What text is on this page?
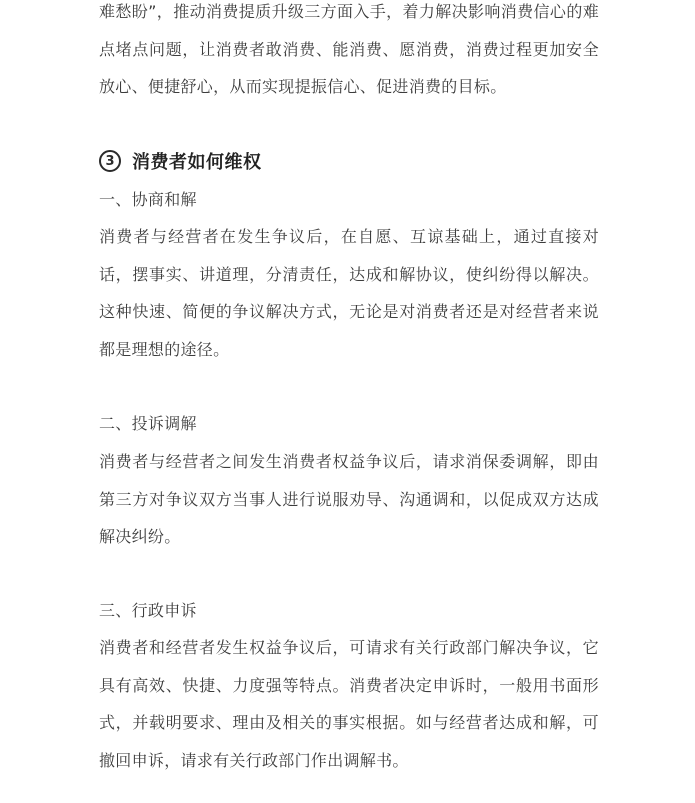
难愁盼”，推动消费提质升级三方面入手，着力解决影响消费信心的难点堵点问题，让消费者敢消费、能消费、愿消费，消费过程更加安全放心、便捷舒心，从而实现提振信心、促进消费的目标。

3 消费者如何维权
一、协商和解

消费者与经营者在发生争议后，在自愿、互谅基础上，通过直接对话，摆事实、讲道理，分清责任，达成和解协议，使纠纷得以解决。这种快速、简便的争议解决方式，无论是对消费者还是对经营者来说都是理想的途径。

二、投诉调解

消费者与经营者之间发生消费者权益争议后，请求消保委调解，即由第三方对争议双方当事人进行说服劝导、沟通调和，以促成双方达成解决纠纷。

三、行政申诉

消费者和经营者发生权益争议后，可请求有关行政部门解决争议，它具有高效、快捷、力度强等特点。消费者决定申诉时，一般用书面形式，并载明要求、理由及相关的事实根据。如与经营者达成和解，可撤回申诉，请求有关行政部门作出调解书。
